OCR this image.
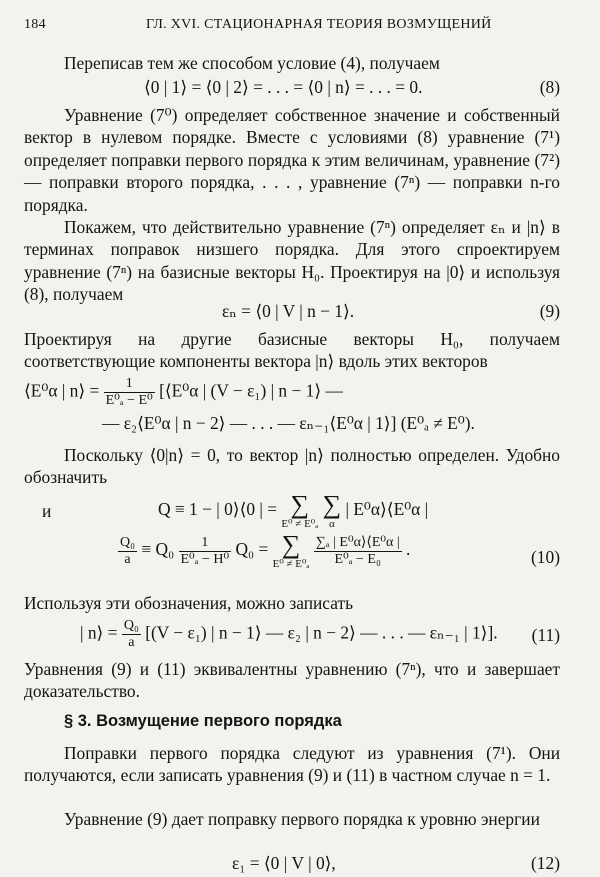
184	ГЛ. XVI. СТАЦИОНАРНАЯ ТЕОРИЯ ВОЗМУЩЕНИЙ

Переписав тем же способом условие (4), получаем

⟨0 | 1⟩ = ⟨0 | 2⟩ = . . . = ⟨0 | n⟩ = . . . = 0.	(8)

Уравнение (7⁰) определяет собственное значение и собственный вектор в нулевом порядке. Вместе с условиями (8) уравнение (7¹) определяет поправки первого порядка к этим величинам, уравнение (7²) — поправки второго порядка, . . . , уравнение (7ⁿ) — поправки n-го порядка.

Покажем, что действительно уравнение (7ⁿ) определяет εₙ и |n⟩ в терминах поправок низшего порядка. Для этого спроектируем уравнение (7ⁿ) на базисные векторы H₀. Проектируя на |0⟩ и используя (8), получаем

εₙ = ⟨0 | V | n − 1⟩.	(9)

Проектируя на другие базисные векторы H₀, получаем соответствующие компоненты вектора |n⟩ вдоль этих векторов

⟨E⁰α | n⟩ = $\frac{1}{\text{E⁰ₐ − E⁰}}$ [⟨E⁰α | (V − ε₁) | n − 1⟩ —
— ε₂⟨E⁰α | n − 2⟩ — . . . — εₙ₋₁⟨E⁰α | 1⟩] (E⁰ₐ ≠ E⁰).

Поскольку ⟨0|n⟩ = 0, то вектор |n⟩ полностью определен. Удобно обозначить

Q ≡ 1 − | 0⟩⟨0 | = ∑
E⁰ ≠ E⁰ₐ

∑
α
| E⁰α⟩⟨E⁰α |
и
$\frac{\text{Q₀}}{a} \equiv Q_0 \frac{1}{\text{E⁰ₐ − H⁰}} Q_0$ = ∑
E⁰ ≠ E⁰ₐ
$\frac{\text{∑ₐ | E⁰α⟩⟨E⁰α |}}{\text{E⁰ₐ − E₀}}$ .	(10)

Используя эти обозначения, можно записать

| n⟩ = $\frac{\text{Q₀}}{a} [(V - \varepsilon_1)$ | n − 1⟩ — ε₂ | n − 2⟩ — . . . — εₙ₋₁ | 1⟩]. (11)

Уравнения (9) и (11) эквивалентны уравнению (7ⁿ), что и завершает доказательство.

§ 3. Возмущение первого порядка

Поправки первого порядка следуют из уравнения (7¹). Они получаются, если записать уравнения (9) и (11) в частном случае n = 1.

Уравнение (9) дает поправку первого порядка к уровню энергии

ε₁ = ⟨0 | V | 0⟩,	(12)
